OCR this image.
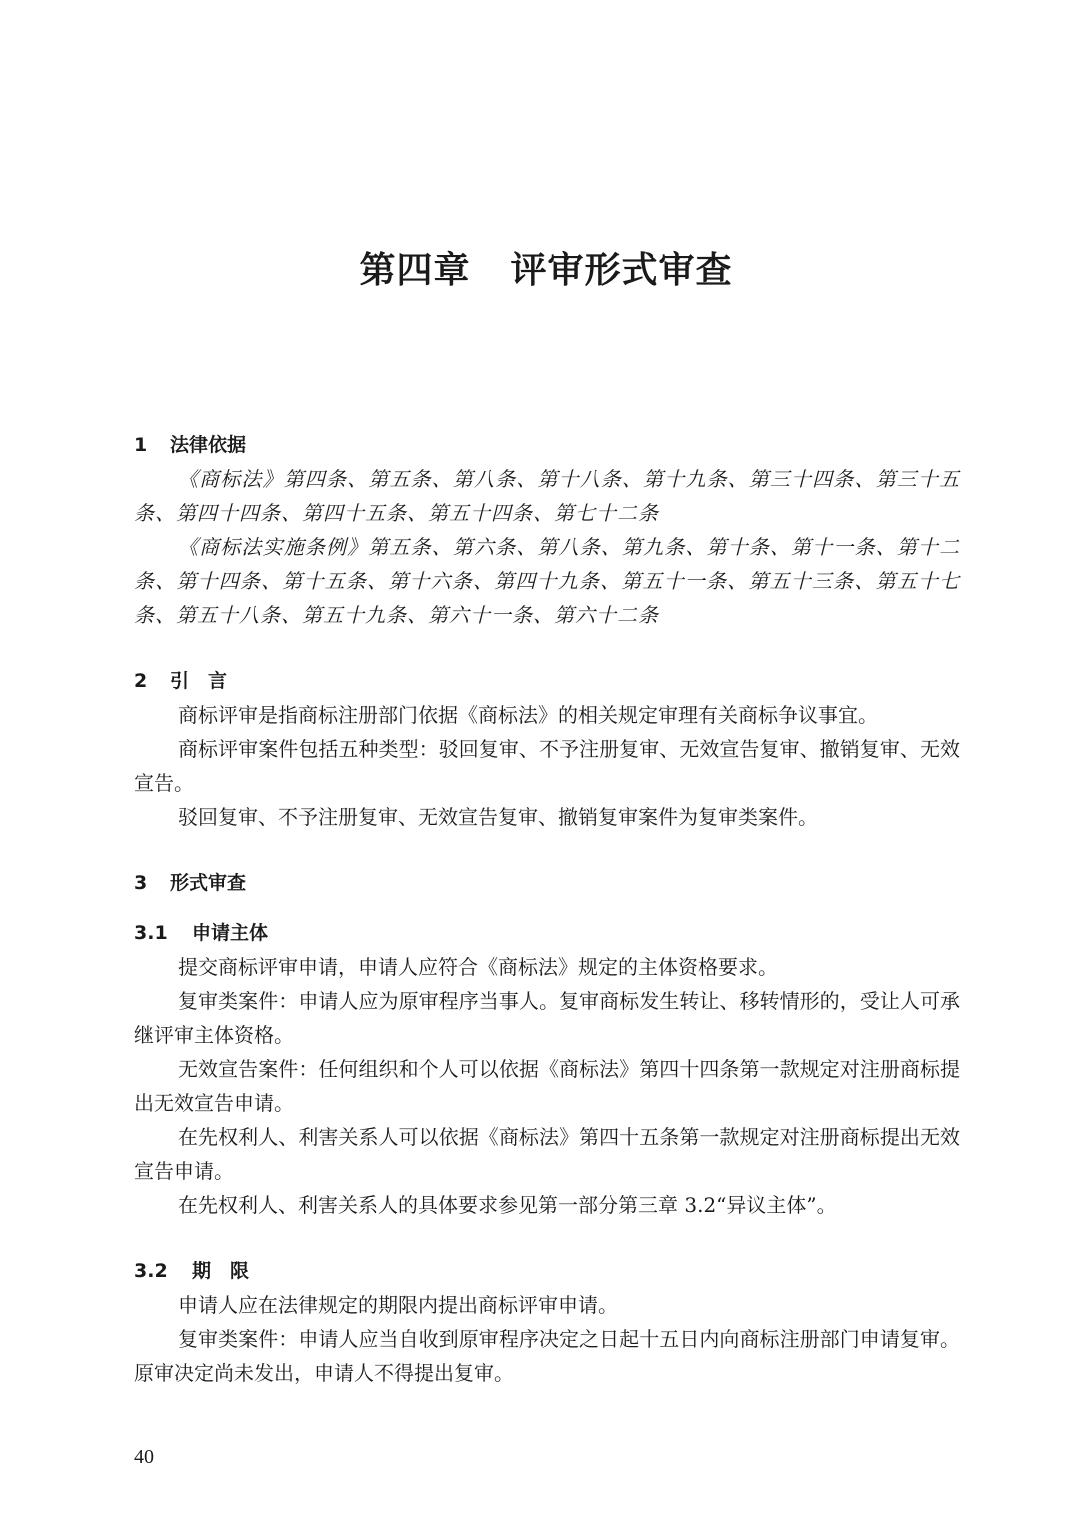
第四章 评审形式审查
1 法律依据

《商标法》第四条、第五条、第八条、第十八条、第十九条、第三十四条、第三十五条、第四十四条、第四十五条、第五十四条、第七十二条

《商标法实施条例》第五条、第六条、第八条、第九条、第十条、第十一条、第十二条、第十四条、第十五条、第十六条、第四十九条、第五十一条、第五十三条、第五十七条、第五十八条、第五十九条、第六十一条、第六十二条

2 引　言

商标评审是指商标注册部门依据《商标法》的相关规定审理有关商标争议事宜。

商标评审案件包括五种类型：驳回复审、不予注册复审、无效宣告复审、撤销复审、无效宣告。

驳回复审、不予注册复审、无效宣告复审、撤销复审案件为复审类案件。

3 形式审查
3.1 申请主体

提交商标评审申请，申请人应符合《商标法》规定的主体资格要求。

复审类案件：申请人应为原审程序当事人。复审商标发生转让、移转情形的，受让人可承继评审主体资格。

无效宣告案件：任何组织和个人可以依据《商标法》第四十四条第一款规定对注册商标提出无效宣告申请。

在先权利人、利害关系人可以依据《商标法》第四十五条第一款规定对注册商标提出无效宣告申请。

在先权利人、利害关系人的具体要求参见第一部分第三章 3.2“异议主体”。

3.2 期　限

申请人应在法律规定的期限内提出商标评审申请。

复审类案件：申请人应当自收到原审程序决定之日起十五日内向商标注册部门申请复审。原审决定尚未发出，申请人不得提出复审。

40
